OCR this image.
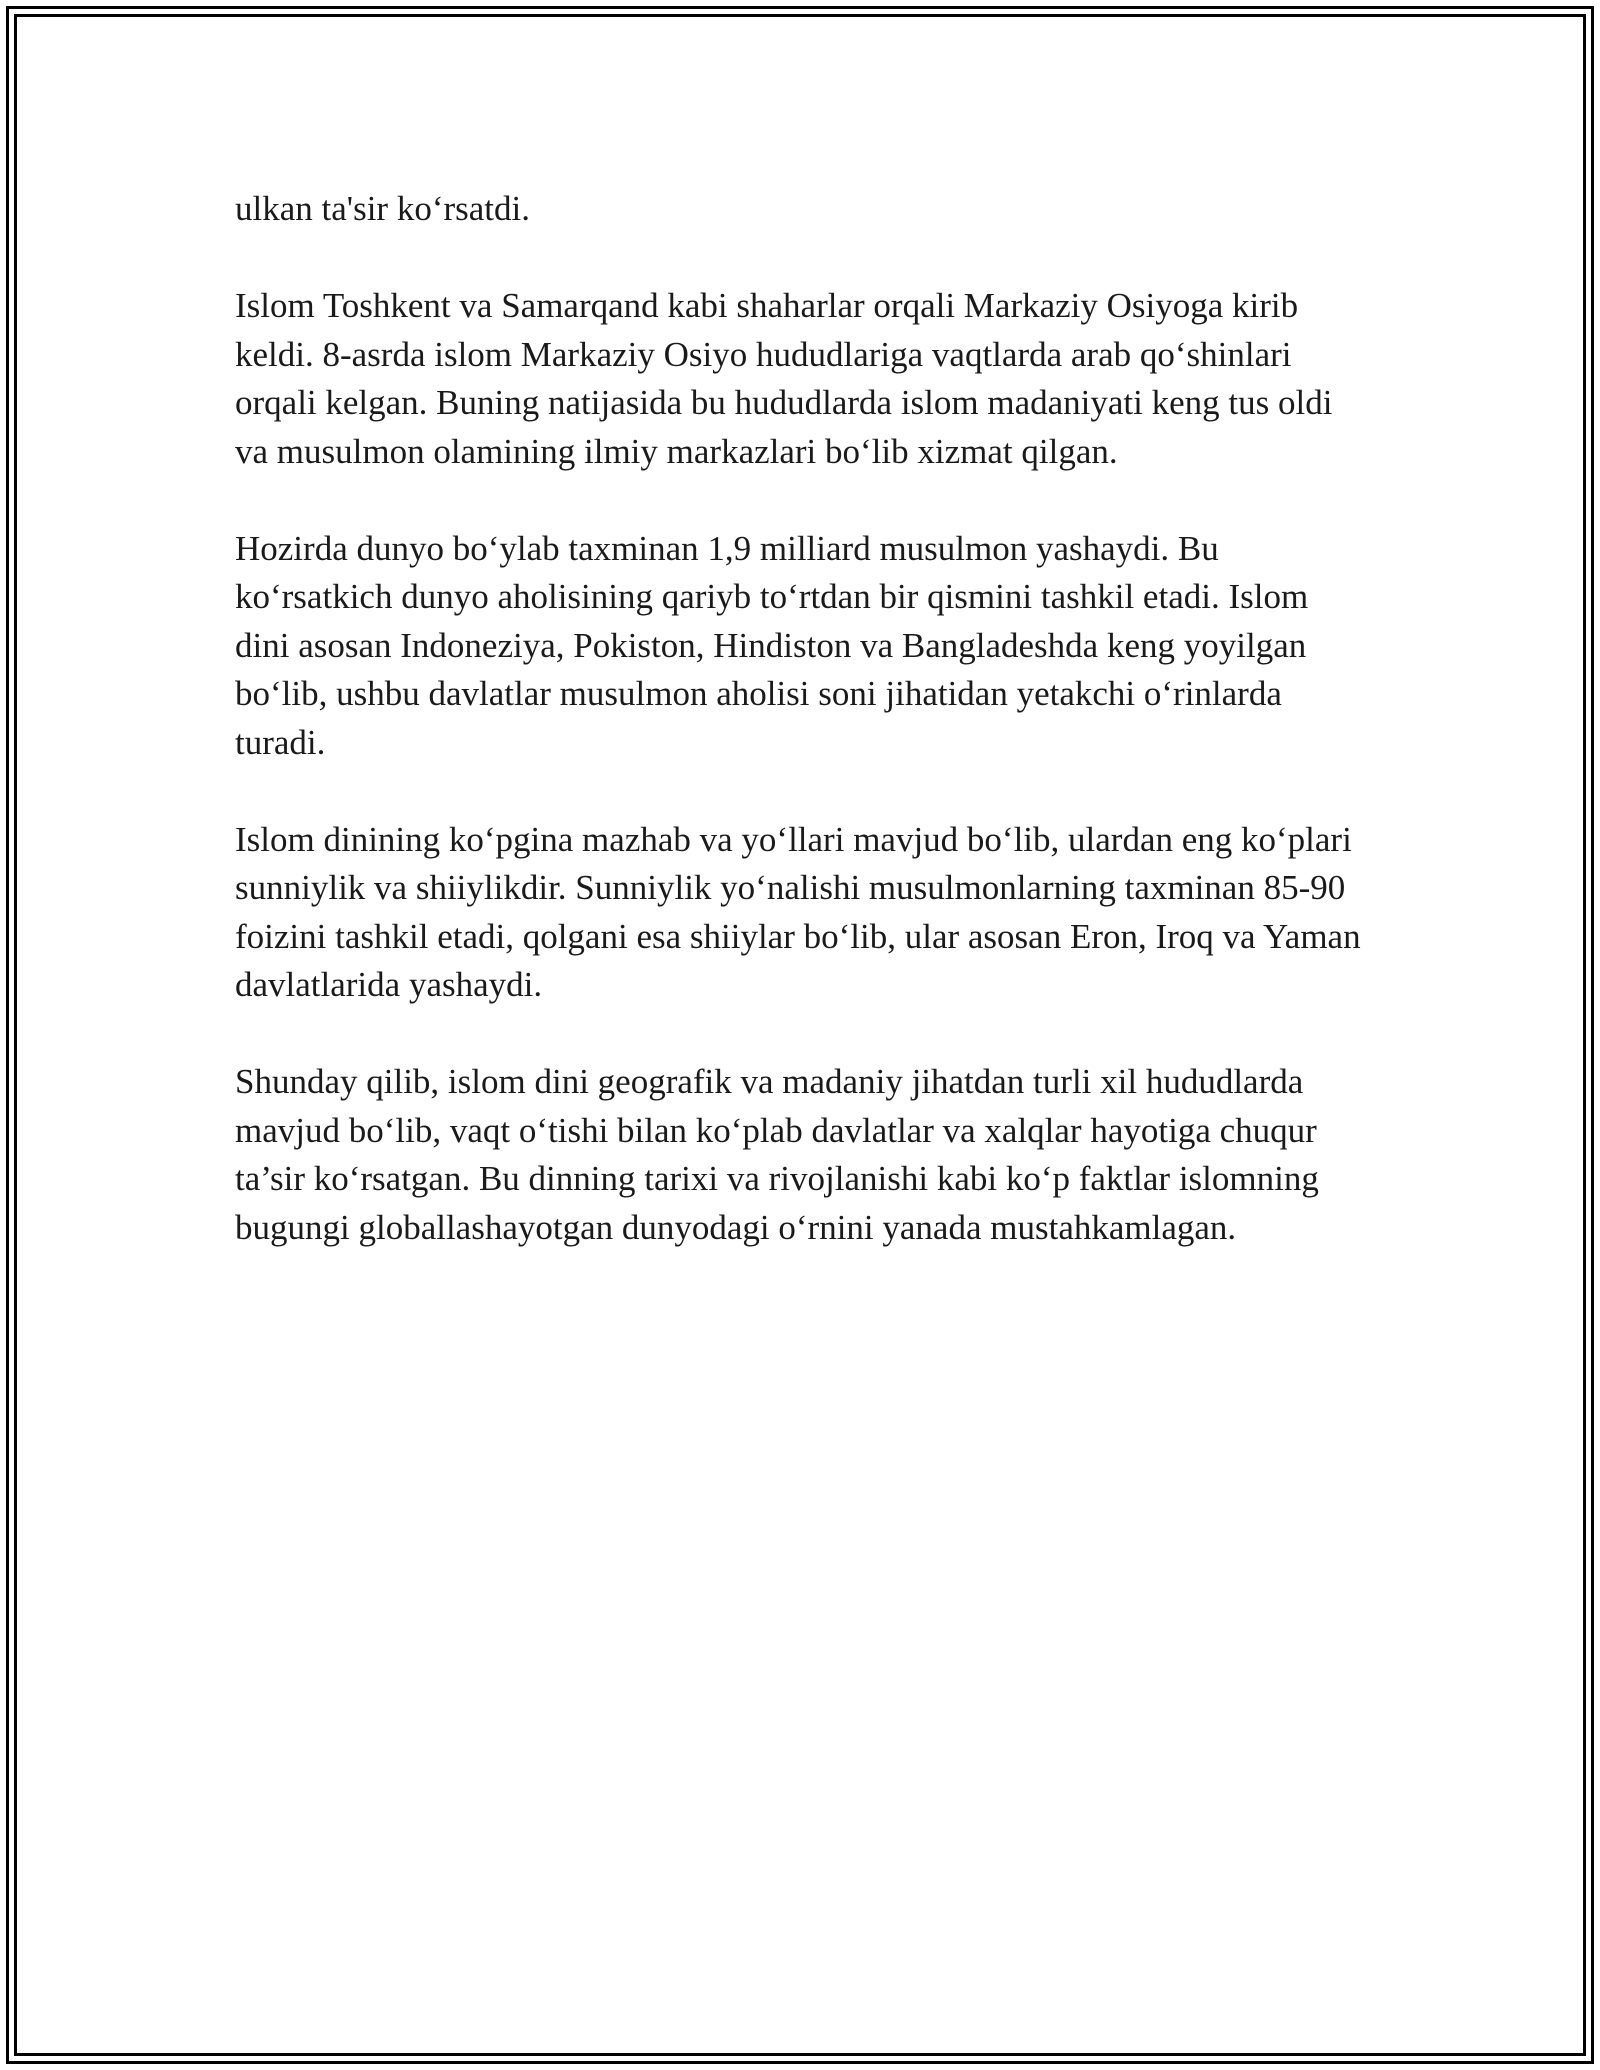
ulkan ta'sir ko‘rsatdi.

Islom Toshkent va Samarqand kabi shaharlar orqali Markaziy Osiyoga kirib keldi. 8-asrda islom Markaziy Osiyo hududlariga vaqtlarda arab qo‘shinlari orqali kelgan. Buning natijasida bu hududlarda islom madaniyati keng tus oldi va musulmon olamining ilmiy markazlari bo‘lib xizmat qilgan.

Hozirda dunyo bo‘ylab taxminan 1,9 milliard musulmon yashaydi. Bu ko‘rsatkich dunyo aholisining qariyb to‘rtdan bir qismini tashkil etadi. Islom dini asosan Indoneziya, Pokiston, Hindiston va Bangladeshda keng yoyilgan bo‘lib, ushbu davlatlar musulmon aholisi soni jihatidan yetakchi o‘rinlarda turadi.

Islom dinining ko‘pgina mazhab va yo‘llari mavjud bo‘lib, ulardan eng ko‘plari sunniylik va shiiylikdir. Sunniylik yo‘nalishi musulmonlarning taxminan 85-90 foizini tashkil etadi, qolgani esa shiiylar bo‘lib, ular asosan Eron, Iroq va Yaman davlatlarida yashaydi.

Shunday qilib, islom dini geografik va madaniy jihatdan turli xil hududlarda mavjud bo‘lib, vaqt o‘tishi bilan ko‘plab davlatlar va xalqlar hayotiga chuqur ta’sir ko‘rsatgan. Bu dinning tarixi va rivojlanishi kabi ko‘p faktlar islomning bugungi globallashayotgan dunyodagi o‘rnini yanada mustahkamlagan.
